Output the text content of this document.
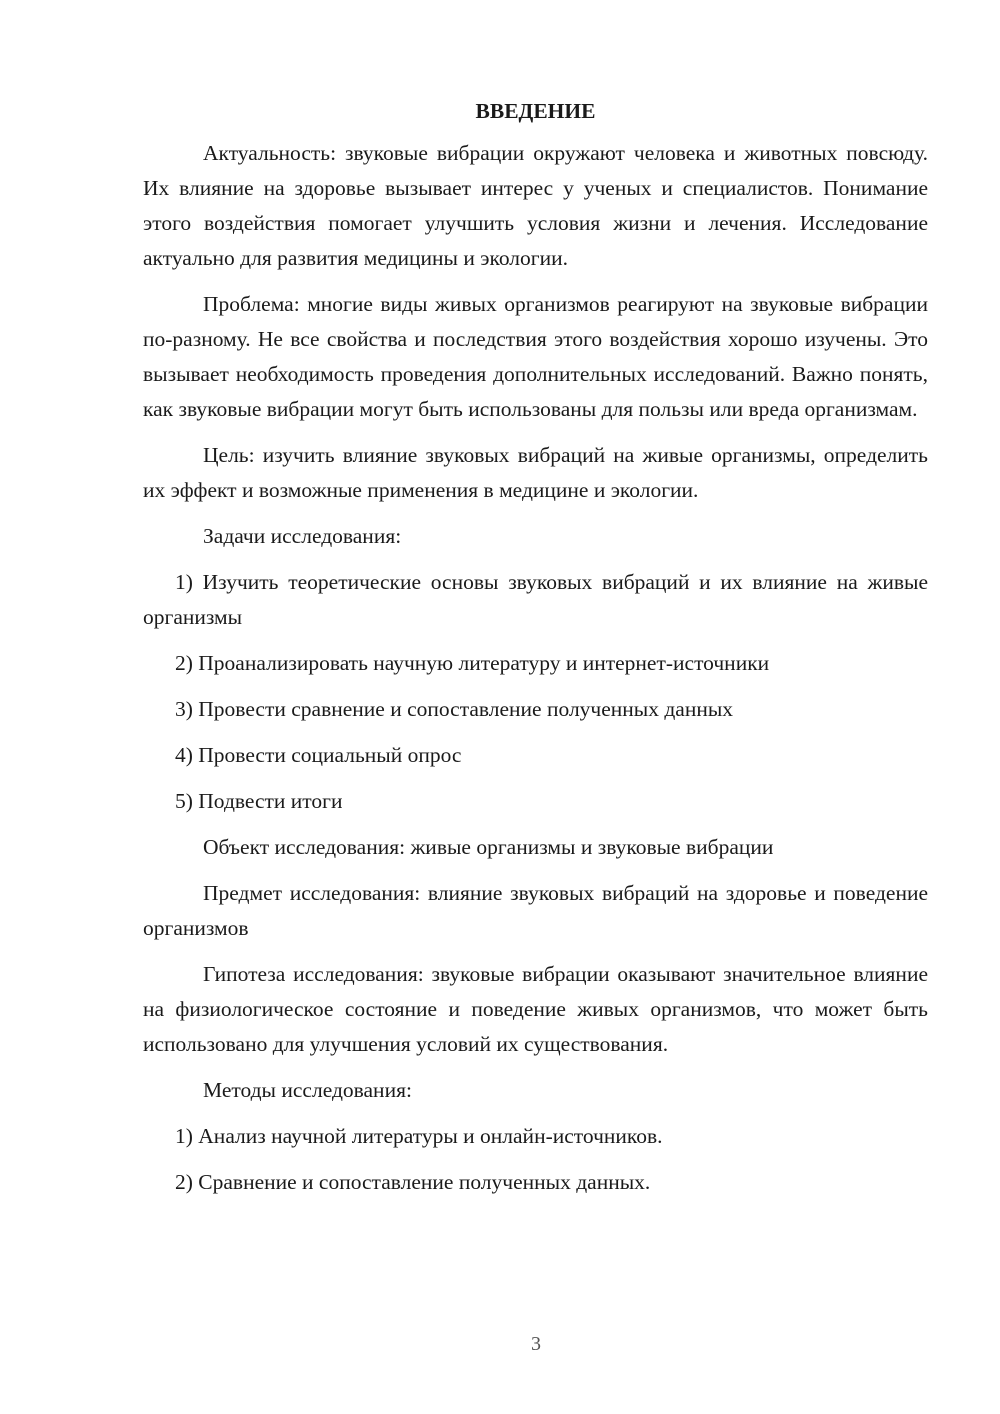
ВВЕДЕНИЕ

Актуальность: звуковые вибрации окружают человека и животных повсюду. Их влияние на здоровье вызывает интерес у ученых и специалистов. Понимание этого воздействия помогает улучшить условия жизни и лечения. Исследование актуально для развития медицины и экологии.

Проблема: многие виды живых организмов реагируют на звуковые вибрации по-разному. Не все свойства и последствия этого воздействия хорошо изучены. Это вызывает необходимость проведения дополнительных исследований. Важно понять, как звуковые вибрации могут быть использованы для пользы или вреда организмам.

Цель: изучить влияние звуковых вибраций на живые организмы, определить их эффект и возможные применения в медицине и экологии.

Задачи исследования:

1) Изучить теоретические основы звуковых вибраций и их влияние на живые организмы

2) Проанализировать научную литературу и интернет-источники

3) Провести сравнение и сопоставление полученных данных

4) Провести социальный опрос

5) Подвести итоги

Объект исследования: живые организмы и звуковые вибрации

Предмет исследования: влияние звуковых вибраций на здоровье и поведение организмов

Гипотеза исследования: звуковые вибрации оказывают значительное влияние на физиологическое состояние и поведение живых организмов, что может быть использовано для улучшения условий их существования.

Методы исследования:

1) Анализ научной литературы и онлайн-источников.

2) Сравнение и сопоставление полученных данных.

3
